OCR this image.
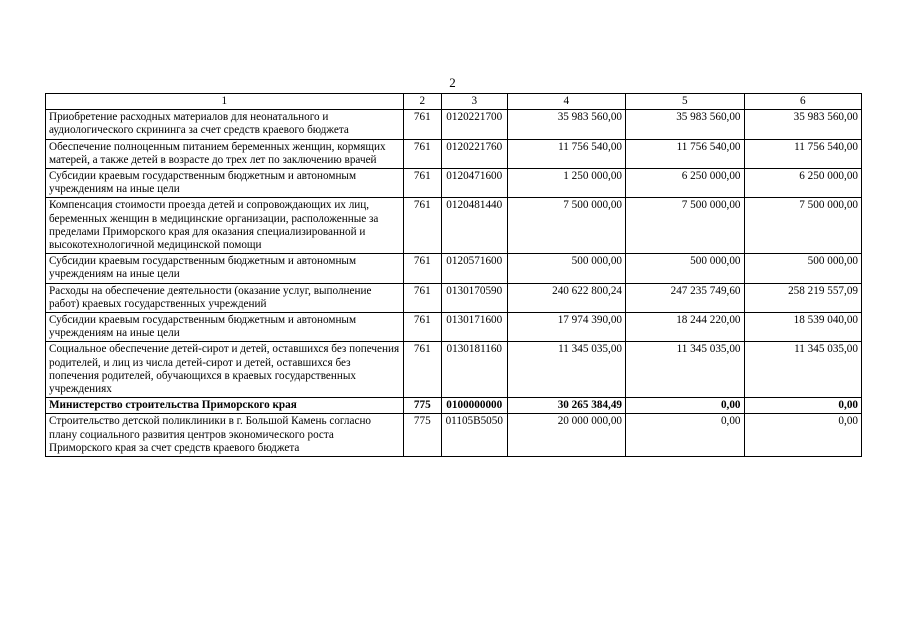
2
1	2	3	4	5	6
Приобретение расходных материалов для неонатального и аудиологического скрининга за счет средств краевого бюджета	761	0120221700	35 983 560,00	35 983 560,00	35 983 560,00
Обеспечение полноценным питанием беременных женщин, кормящих матерей, а также детей в возрасте до трех лет по заключению врачей	761	0120221760	11 756 540,00	11 756 540,00	11 756 540,00
Субсидии краевым государственным бюджетным и автономным учреждениям на иные цели	761	0120471600	1 250 000,00	6 250 000,00	6 250 000,00
Компенсация стоимости проезда детей и сопровождающих их лиц, беременных женщин в медицинские организации, расположенные за пределами Приморского края для оказания специализированной и высокотехнологичной медицинской помощи	761	0120481440	7 500 000,00	7 500 000,00	7 500 000,00
Субсидии краевым государственным бюджетным и автономным учреждениям на иные цели	761	0120571600	500 000,00	500 000,00	500 000,00
Расходы на обеспечение деятельности (оказание услуг, выполнение работ) краевых государственных учреждений	761	0130170590	240 622 800,24	247 235 749,60	258 219 557,09
Субсидии краевым государственным бюджетным и автономным учреждениям на иные цели	761	0130171600	17 974 390,00	18 244 220,00	18 539 040,00
Социальное обеспечение детей-сирот и детей, оставшихся без попечения родителей, и лиц из числа детей-сирот и детей, оставшихся без попечения родителей, обучающихся в краевых государственных учреждениях	761	0130181160	11 345 035,00	11 345 035,00	11 345 035,00
Министерство строительства Приморского края	775	0100000000	30 265 384,49	0,00	0,00
Строительство детской поликлиники в г. Большой Камень согласно плану социального развития центров экономического роста Приморского края за счет средств краевого бюджета	775	01105В5050	20 000 000,00	0,00	0,00
